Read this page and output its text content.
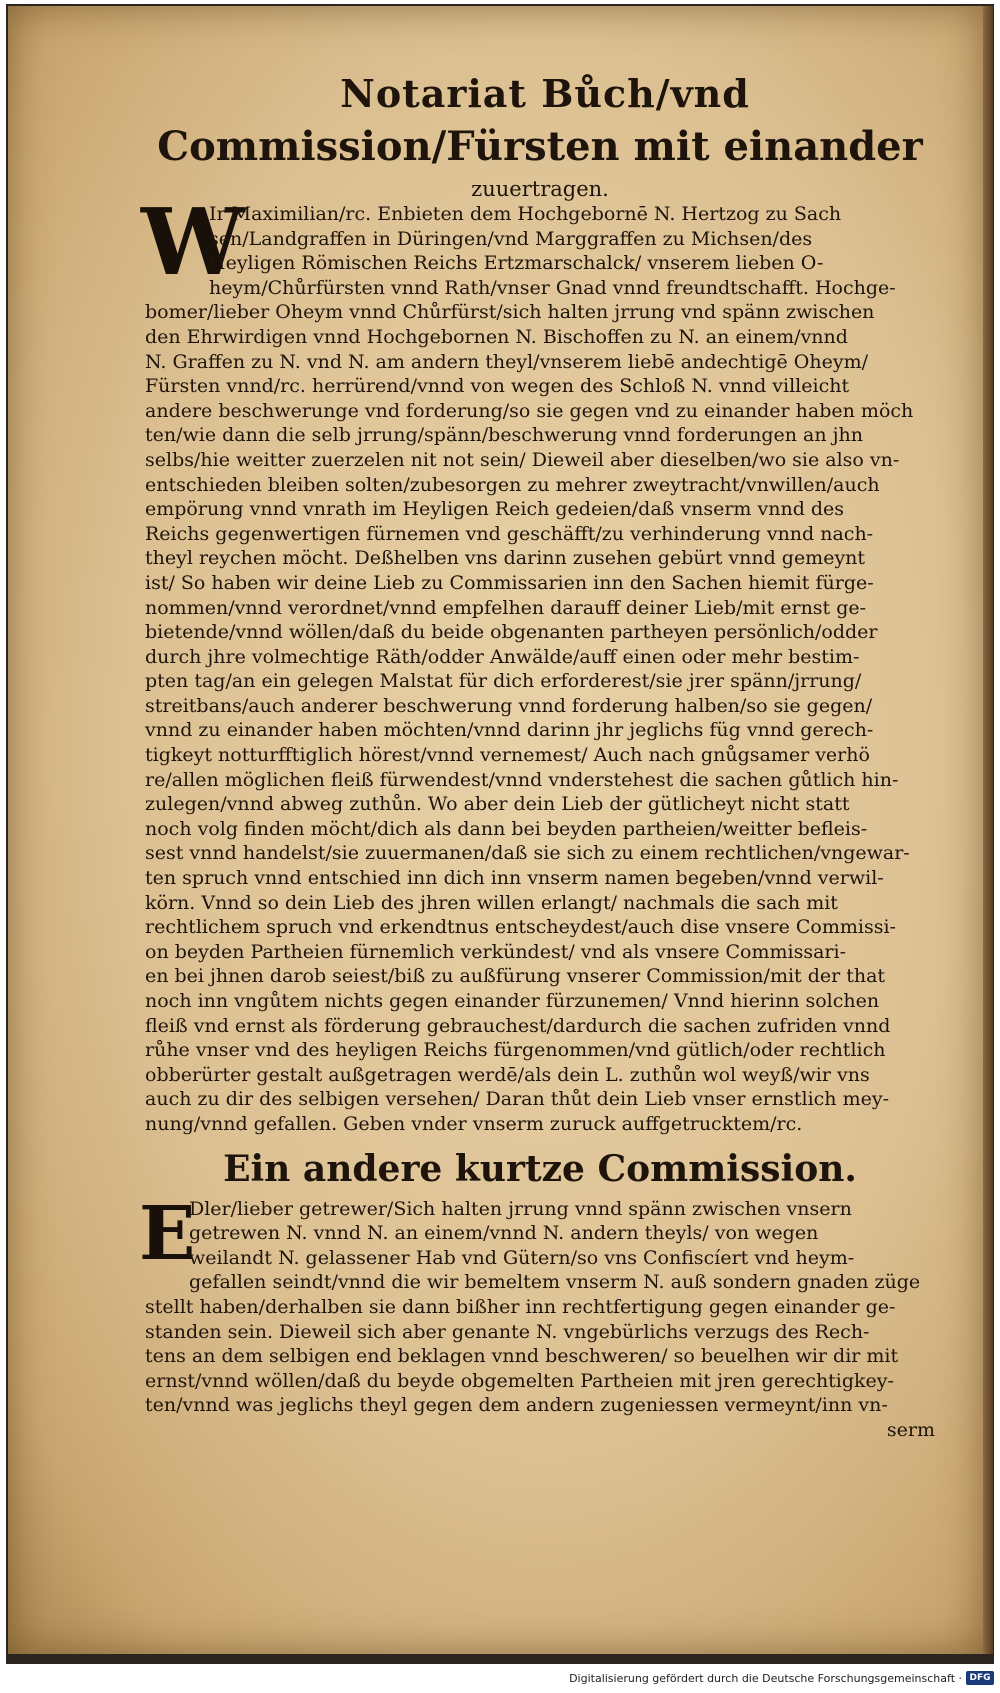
Notariat Bůch/vnd
Commission/Fürsten mit einander

zuuertragen.

W
Ir Maximilian/rc. Enbieten dem Hochgebornē N. Hertzog zu Sach
sen/Landgraffen in Düringen/vnd Marggraffen zu Michsen/des
Heyligen Römischen Reichs Ertzmarschalck/ vnserem lieben O-
heym/Chůrfürsten vnnd Rath/vnser Gnad vnnd freundtschafft. Hochge-
bomer/lieber Oheym vnnd Chůrfürst/sich halten jrrung vnd spänn zwischen
den Ehrwirdigen vnnd Hochgebornen N. Bischoffen zu N. an einem/vnnd
N. Graffen zu N. vnd N. am andern theyl/vnserem liebē andechtigē Oheym/
Fürsten vnnd/rc. herrürend/vnnd von wegen des Schloß N. vnnd villeicht
andere beschwerunge vnd forderung/so sie gegen vnd zu einander haben möch
ten/wie dann die selb jrrung/spänn/beschwerung vnnd forderungen an jhn
selbs/hie weitter zuerzelen nit not sein/ Dieweil aber dieselben/wo sie also vn-
entschieden bleiben solten/zubesorgen zu mehrer zweytracht/vnwillen/auch
empörung vnnd vnrath im Heyligen Reich gedeien/daß vnserm vnnd des
Reichs gegenwertigen fürnemen vnd geschäfft/zu verhinderung vnnd nach-
theyl reychen möcht. Deßhelben vns darinn zusehen gebürt vnnd gemeynt
ist/ So haben wir deine Lieb zu Commissarien inn den Sachen hiemit fürge-
nommen/vnnd verordnet/vnnd empfelhen darauff deiner Lieb/mit ernst ge-
bietende/vnnd wöllen/daß du beide obgenanten partheyen persönlich/odder
durch jhre volmechtige Räth/odder Anwälde/auff einen oder mehr bestim-
pten tag/an ein gelegen Malstat für dich erforderest/sie jrer spänn/jrrung/
streitbans/auch anderer beschwerung vnnd forderung halben/so sie gegen/
vnnd zu einander haben möchten/vnnd darinn jhr jeglichs füg vnnd gerech-
tigkeyt notturfftiglich hörest/vnnd vernemest/ Auch nach gnůgsamer verhö
re/allen möglichen fleiß fürwendest/vnnd vnderstehest die sachen gůtlich hin-
zulegen/vnnd abweg zuthůn. Wo aber dein Lieb der gütlicheyt nicht statt
noch volg finden möcht/dich als dann bei beyden partheien/weitter befleis-
sest vnnd handelst/sie zuuermanen/daß sie sich zu einem rechtlichen/vngewar-
ten spruch vnnd entschied inn dich inn vnserm namen begeben/vnnd verwil-
körn. Vnnd so dein Lieb des jhren willen erlangt/ nachmals die sach mit
rechtlichem spruch vnd erkendtnus entscheydest/auch dise vnsere Commissi-
on beyden Partheien fürnemlich verkündest/ vnd als vnsere Commissari-
en bei jhnen darob seiest/biß zu außfürung vnserer Commission/mit der that
noch inn vngůtem nichts gegen einander fürzunemen/ Vnnd hierinn solchen
fleiß vnd ernst als förderung gebrauchest/dardurch die sachen zufriden vnnd
růhe vnser vnd des heyligen Reichs fürgenommen/vnd gütlich/oder rechtlich
obberürter gestalt außgetragen werdē/als dein L. zuthůn wol weyß/wir vns
auch zu dir des selbigen versehen/ Daran thůt dein Lieb vnser ernstlich mey-
nung/vnnd gefallen. Geben vnder vnserm zuruck auffgetrucktem/rc.
Ein andere kurtze Commission.
E
Dler/lieber getrewer/Sich halten jrrung vnnd spänn zwischen vnsern
getrewen N. vnnd N. an einem/vnnd N. andern theyls/ von wegen
weilandt N. gelassener Hab vnd Gütern/so vns Confiscíert vnd heym-
gefallen seindt/vnnd die wir bemeltem vnserm N. auß sondern gnaden züge
stellt haben/derhalben sie dann bißher inn rechtfertigung gegen einander ge-
standen sein. Dieweil sich aber genante N. vngebürlichs verzugs des Rech-
tens an dem selbigen end beklagen vnnd beschweren/ so beuelhen wir dir mit
ernst/vnnd wöllen/daß du beyde obgemelten Partheien mit jren gerechtigkey-
ten/vnnd was jeglichs theyl gegen dem andern zugeniessen vermeynt/inn vn-
serm
Digitalisierung gefördert durch die Deutsche Forschungsgemeinschaft · DFG
